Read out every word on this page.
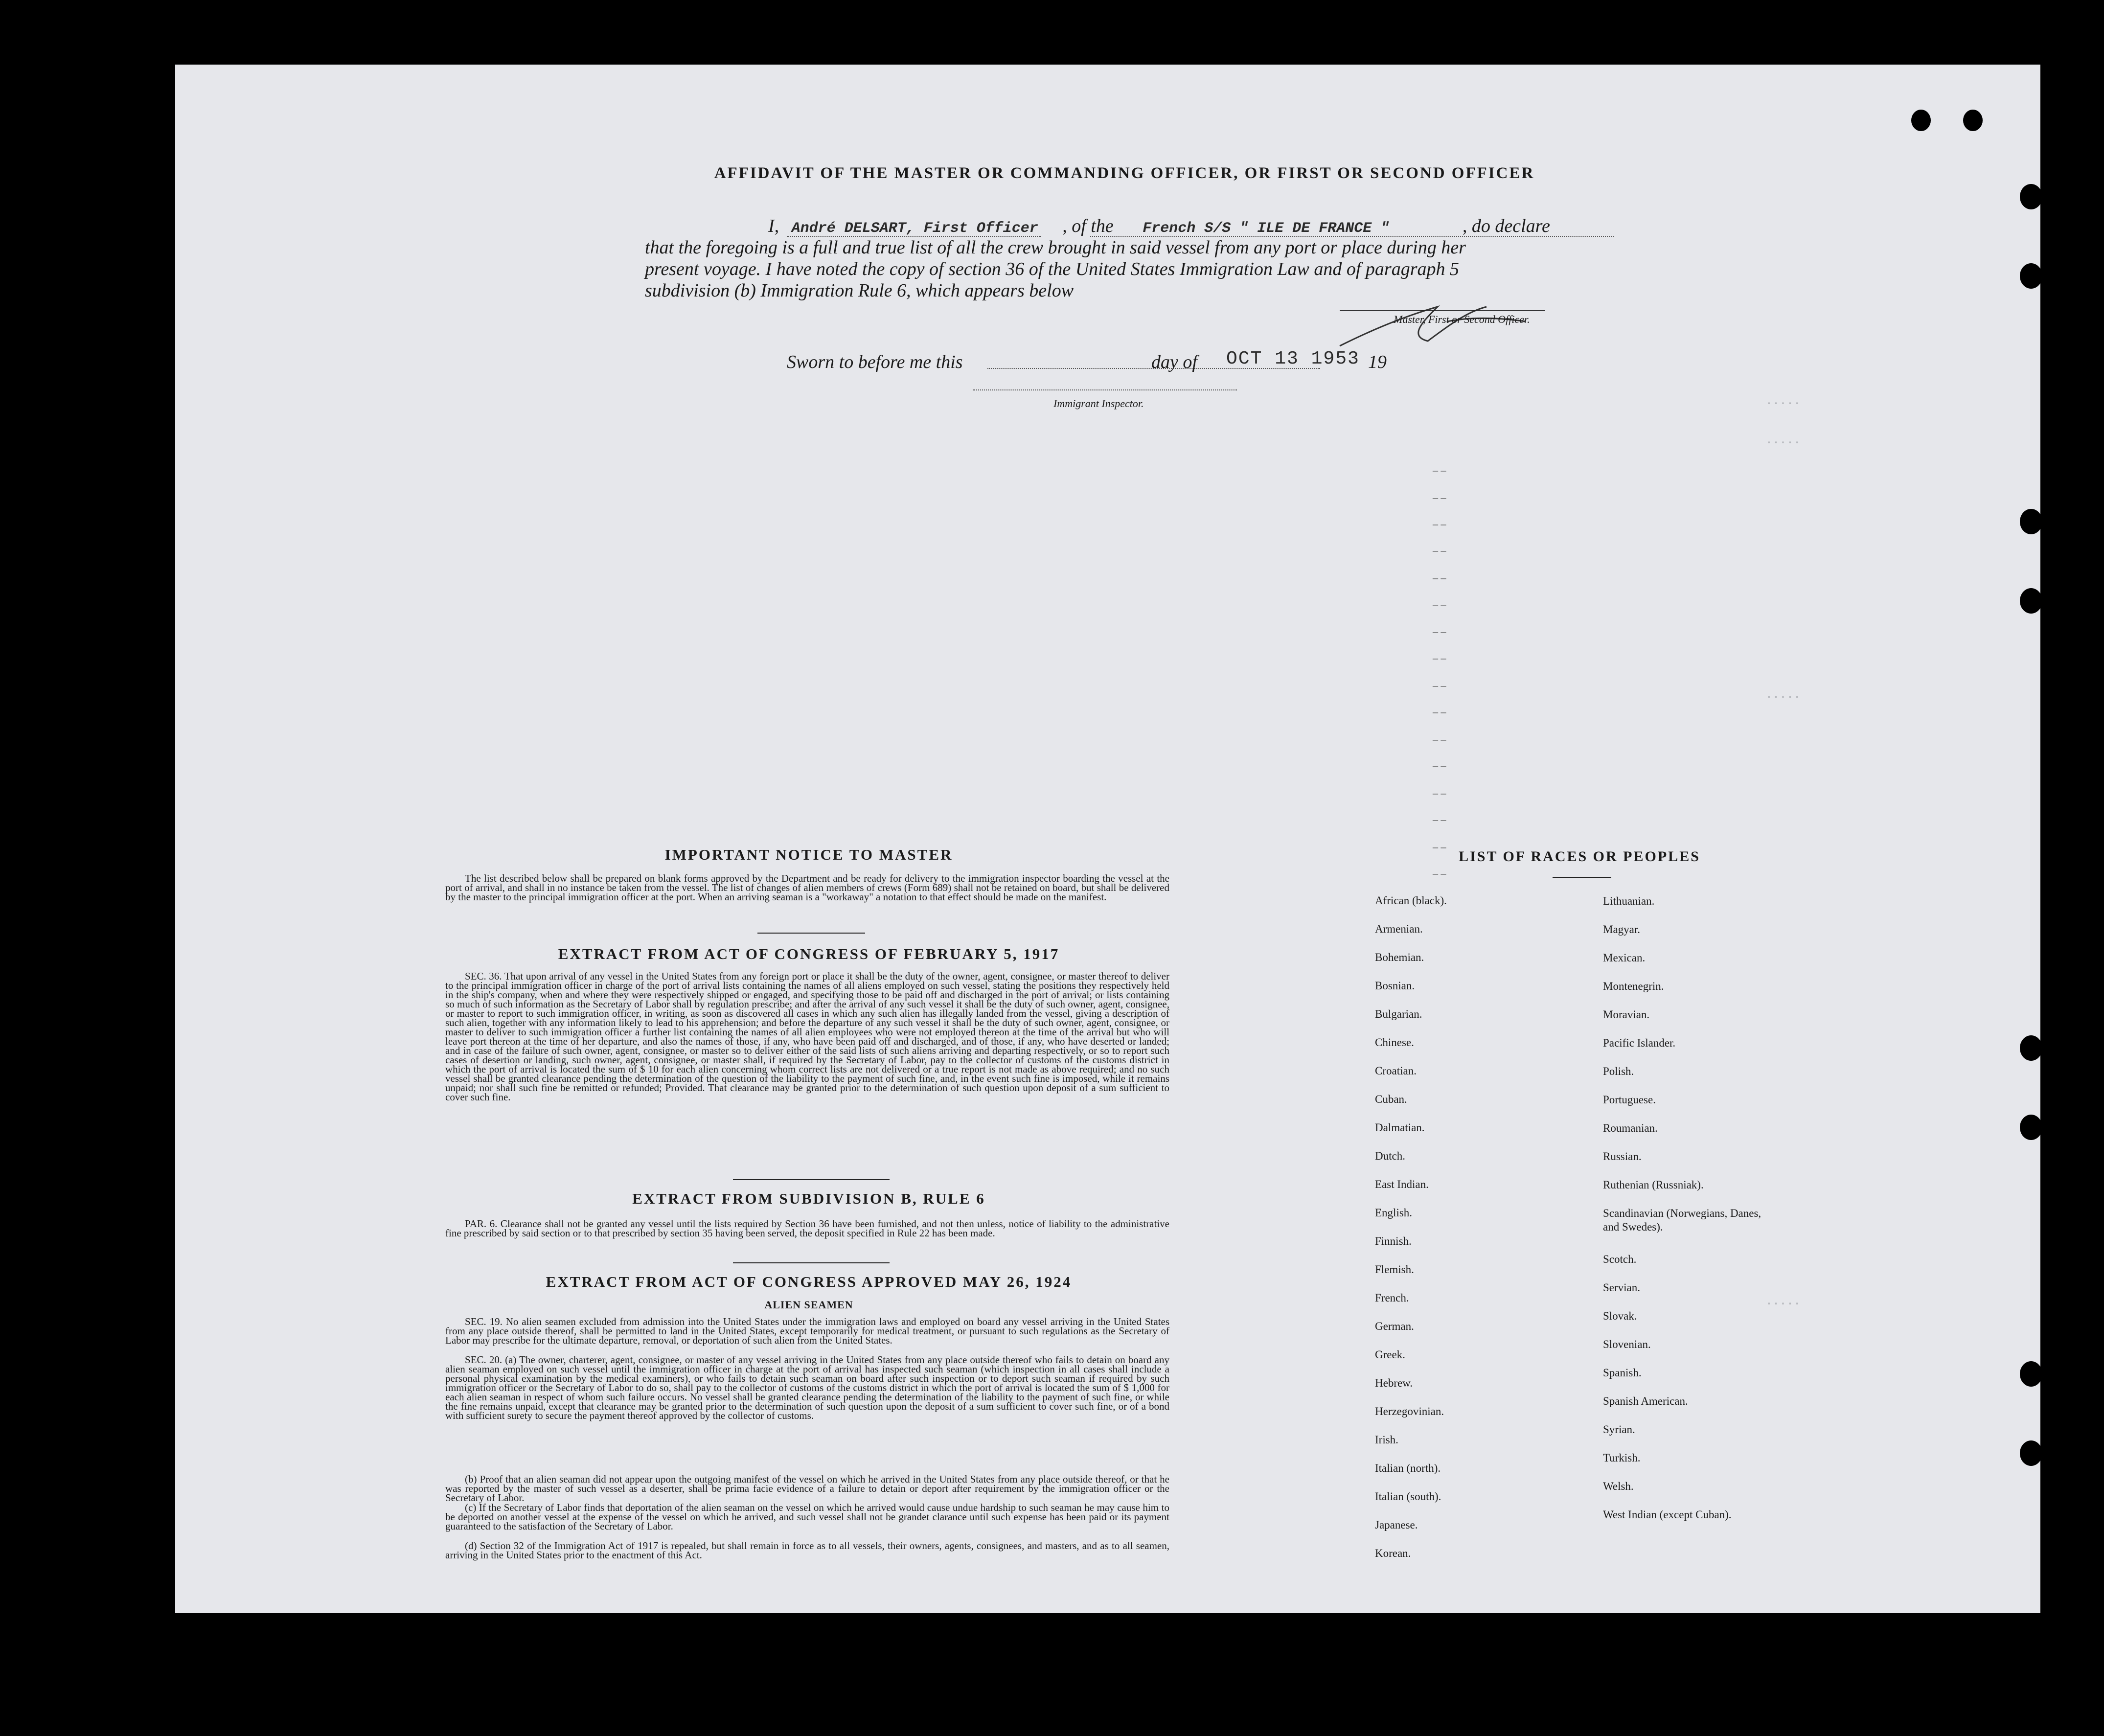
·····
·····
·····
·····
AFFIDAVIT OF THE MASTER OR COMMANDING OFFICER, OR FIRST OR SECOND OFFICER
I, André DELSART, First Officer , of the French S/S " ILE DE FRANCE "	, do declare
that the foregoing is a full and true list of all the crew brought in said vessel from any port or place during her
present voyage. I have noted the copy of section 36 of the United States Immigration Law and of paragraph 5
subdivision (b) Immigration Rule 6, which appears below
Master, First or Second Officer.
Sworn to before me this	day of OCT 13 1953 19
Immigrant Inspector.
– –
– –
– –
– –
– –
– –
– –
– –
– –
– –
– –
– –
– –
– –
– –
– –
IMPORTANT NOTICE TO MASTER
The list described below shall be prepared on blank forms approved by the Department and be ready for delivery to the immigration inspector boarding the vessel at the port of arrival, and shall in no instance be taken from the vessel. The list of changes of alien members of crews (Form 689) shall not be retained on board, but shall be delivered by the master to the principal immigration officer at the port. When an arriving seaman is a "workaway" a notation to that effect should be made on the manifest.
EXTRACT FROM ACT OF CONGRESS OF FEBRUARY 5, 1917
SEC. 36. That upon arrival of any vessel in the United States from any foreign port or place it shall be the duty of the owner, agent, consignee, or master thereof to deliver to the principal immigration officer in charge of the port of arrival lists containing the names of all aliens employed on such vessel, stating the positions they respectively held in the ship's company, when and where they were respectively shipped or engaged, and specifying those to be paid off and discharged in the port of arrival; or lists containing so much of such information as the Secretary of Labor shall by regulation prescribe; and after the arrival of any such vessel it shall be the duty of such owner, agent, consignee, or master to report to such immigration officer, in writing, as soon as discovered all cases in which any such alien has illegally landed from the vessel, giving a description of such alien, together with any information likely to lead to his apprehension; and before the departure of any such vessel it shall be the duty of such owner, agent, consignee, or master to deliver to such immigration officer a further list containing the names of all alien employees who were not employed thereon at the time of the arrival but who will leave port thereon at the time of her departure, and also the names of those, if any, who have been paid off and discharged, and of those, if any, who have deserted or landed; and in case of the failure of such owner, agent, consignee, or master so to deliver either of the said lists of such aliens arriving and departing respectively, or so to report such cases of desertion or landing, such owner, agent, consignee, or master shall, if required by the Secretary of Labor, pay to the collector of customs of the customs district in which the port of arrival is located the sum of $ 10 for each alien concerning whom correct lists are not delivered or a true report is not made as above required; and no such vessel shall be granted clearance pending the determination of the question of the liability to the payment of such fine, and, in the event such fine is imposed, while it remains unpaid; nor shall such fine be remitted or refunded; Provided. That clearance may be granted prior to the determination of such question upon deposit of a sum sufficient to cover such fine.
EXTRACT FROM SUBDIVISION B, RULE 6
PAR. 6. Clearance shall not be granted any vessel until the lists required by Section 36 have been furnished, and not then unless, notice of liability to the administrative fine prescribed by said section or to that prescribed by section 35 having been served, the deposit specified in Rule 22 has been made.
EXTRACT FROM ACT OF CONGRESS APPROVED MAY 26, 1924
ALIEN SEAMEN
SEC. 19. No alien seamen excluded from admission into the United States under the immigration laws and employed on board any vessel arriving in the United States from any place outside thereof, shall be permitted to land in the United States, except temporarily for medical treatment, or pursuant to such regulations as the Secretary of Labor may prescribe for the ultimate departure, removal, or deportation of such alien from the United States.
SEC. 20. (a) The owner, charterer, agent, consignee, or master of any vessel arriving in the United States from any place outside thereof who fails to detain on board any alien seaman employed on such vessel until the immigration officer in charge at the port of arrival has inspected such seaman (which inspection in all cases shall include a personal physical examination by the medical examiners), or who fails to detain such seaman on board after such inspection or to deport such seaman if required by such immigration officer or the Secretary of Labor to do so, shall pay to the collector of customs of the customs district in which the port of arrival is located the sum of $ 1,000 for each alien seaman in respect of whom such failure occurs. No vessel shall be granted clearance pending the determination of the liability to the payment of such fine, or while the fine remains unpaid, except that clearance may be granted prior to the determination of such question upon the deposit of a sum sufficient to cover such fine, or of a bond with sufficient surety to secure the payment thereof approved by the collector of customs.
(b) Proof that an alien seaman did not appear upon the outgoing manifest of the vessel on which he arrived in the United States from any place outside thereof, or that he was reported by the master of such vessel as a deserter, shall be prima facie evidence of a failure to detain or deport after requirement by the immigration officer or the Secretary of Labor.
(c) If the Secretary of Labor finds that deportation of the alien seaman on the vessel on which he arrived would cause undue hardship to such seaman he may cause him to be deported on another vessel at the expense of the vessel on which he arrived, and such vessel shall not be grandet clarance until such expense has been paid or its payment guaranteed to the satisfaction of the Secretary of Labor.
(d) Section 32 of the Immigration Act of 1917 is repealed, but shall remain in force as to all vessels, their owners, agents, consignees, and masters, and as to all seamen, arriving in the United States prior to the enactment of this Act.
LIST OF RACES OR PEOPLES
African (black).
Armenian.
Bohemian.
Bosnian.
Bulgarian.
Chinese.
Croatian.
Cuban.
Dalmatian.
Dutch.
East Indian.
English.
Finnish.
Flemish.
French.
German.
Greek.
Hebrew.
Herzegovinian.
Irish.
Italian (north).
Italian (south).
Japanese.
Korean.
Lithuanian.
Magyar.
Mexican.
Montenegrin.
Moravian.
Pacific Islander.
Polish.
Portuguese.
Roumanian.
Russian.
Ruthenian (Russniak).
Scandinavian (Norwegians, Danes, and Swedes).
Scotch.
Servian.
Slovak.
Slovenian.
Spanish.
Spanish American.
Syrian.
Turkish.
Welsh.
West Indian (except Cuban).
